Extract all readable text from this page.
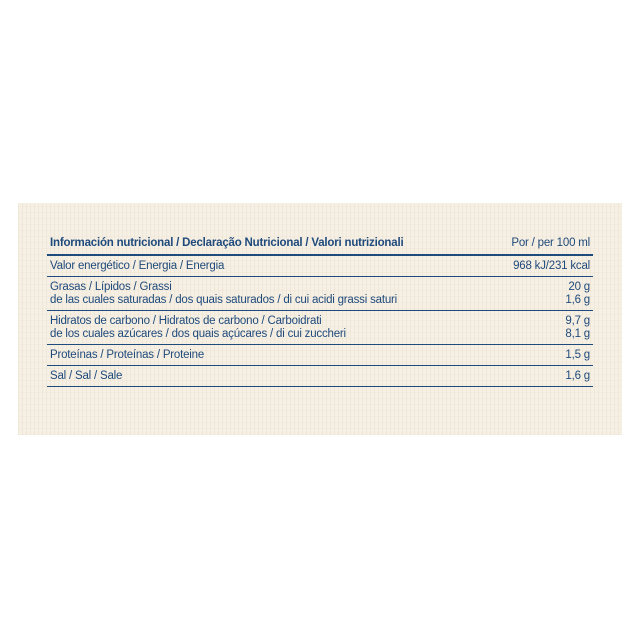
Información nutricional / Declaração Nutricional / Valori nutrizionali	Por / per 100 ml
Valor energético / Energia / Energia	968 kJ/231 kcal
Grasas / Lípidos / Grassi	20 g
de las cuales saturadas / dos quais saturados / di cui acidi grassi saturi	1,6 g
Hidratos de carbono / Hidratos de carbono / Carboidrati	9,7 g
de los cuales azúcares / dos quais açúcares / di cui zuccheri	8,1 g
Proteínas / Proteínas / Proteine	1,5 g
Sal / Sal / Sale	1,6 g
